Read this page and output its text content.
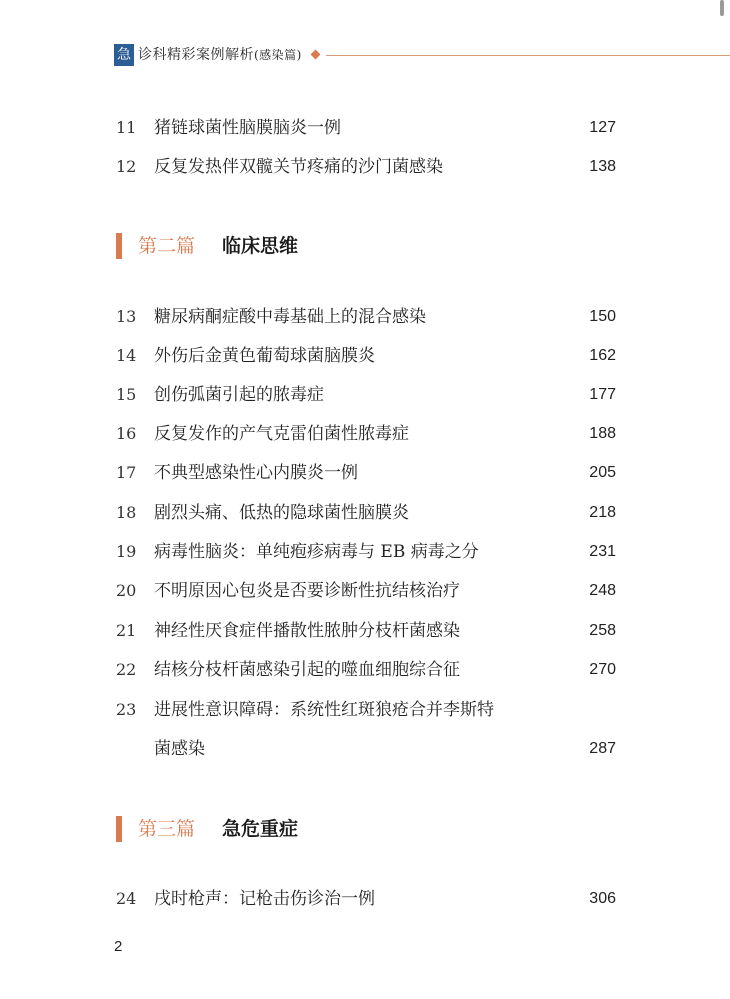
急 诊科精彩案例解析(感染篇)
11 猪链球菌性脑膜脑炎一例	127
12 反复发热伴双髋关节疼痛的沙门菌感染	138
第二篇 临床思维
13 糖尿病酮症酸中毒基础上的混合感染	150
14 外伤后金黄色葡萄球菌脑膜炎	162
15 创伤弧菌引起的脓毒症	177
16 反复发作的产气克雷伯菌性脓毒症	188
17 不典型感染性心内膜炎一例	205
18 剧烈头痛、低热的隐球菌性脑膜炎	218
19 病毒性脑炎：单纯疱疹病毒与 EB 病毒之分	231
20 不明原因心包炎是否要诊断性抗结核治疗	248
21 神经性厌食症伴播散性脓肿分枝杆菌感染	258
22 结核分枝杆菌感染引起的噬血细胞综合征	270
23 进展性意识障碍：系统性红斑狼疮合并李斯特
菌感染	287
第三篇 急危重症
24 戌时枪声：记枪击伤诊治一例	306
2
